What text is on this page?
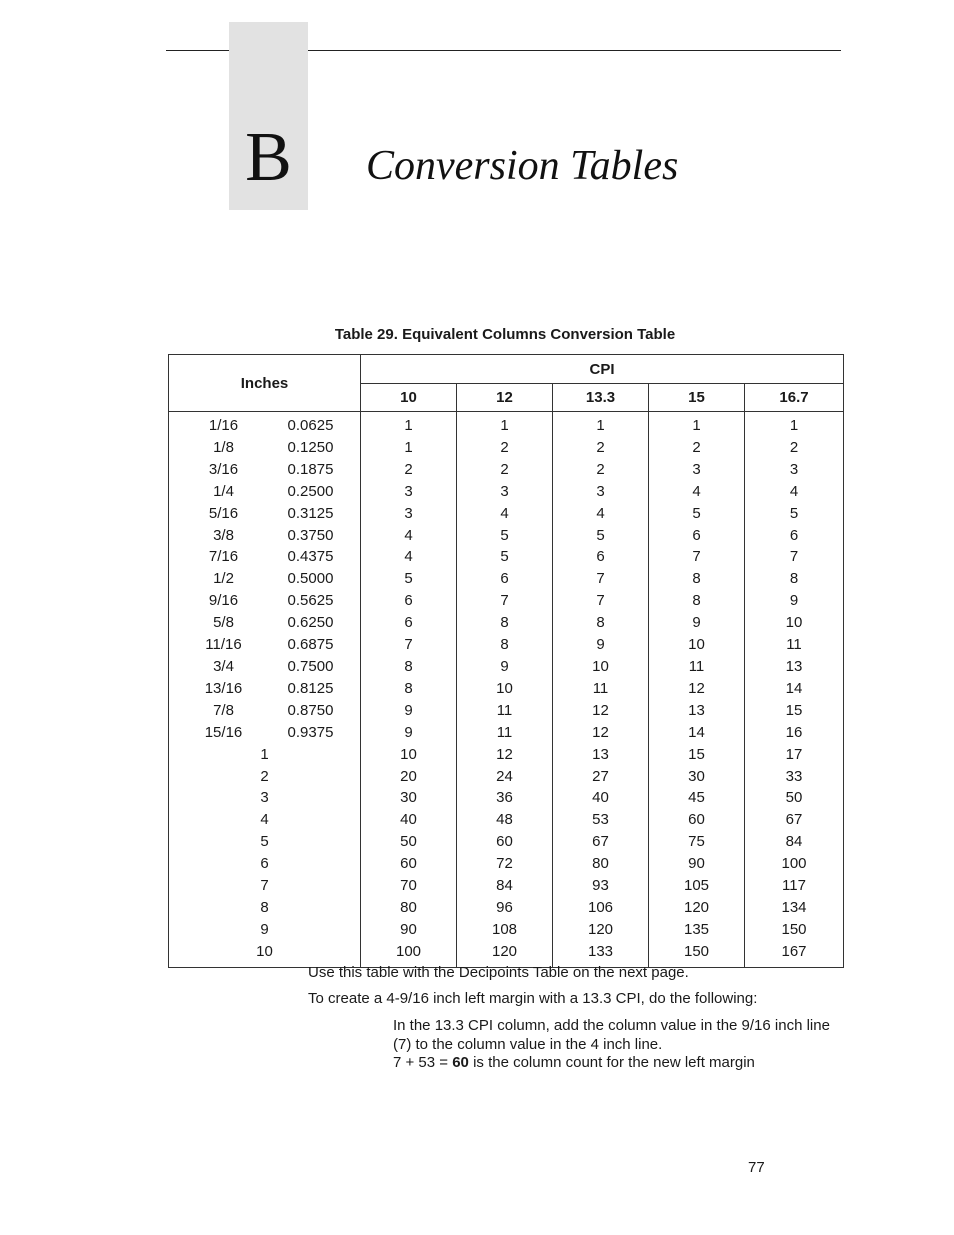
B	Conversion Tables
Table 29. Equivalent Columns Conversion Table
Inches	CPI				
	10	12	13.3	15	16.7
1/16 0.0625	1	1	1	1	1
1/8 0.1250	1	2	2	2	2
3/16 0.1875	2	2	2	3	3
1/4 0.2500	3	3	3	4	4
5/16 0.3125	3	4	4	5	5
3/8 0.3750	4	5	5	6	6
7/16 0.4375	4	5	6	7	7
1/2 0.5000	5	6	7	8	8
9/16 0.5625	6	7	7	8	9
5/8 0.6250	6	8	8	9	10
11/16 0.6875	7	8	9	10	11
3/4 0.7500	8	9	10	11	13
13/16 0.8125	8	10	11	12	14
7/8 0.8750	9	11	12	13	15
15/16 0.9375	9	11	12	14	16
1	10	12	13	15	17
2	20	24	27	30	33
3	30	36	40	45	50
4	40	48	53	60	67
5	50	60	67	75	84
6	60	72	80	90	100
7	70	84	93	105	117
8	80	96	106	120	134
9	90	108	120	135	150
10	100	120	133	150	167
Use this table with the Decipoints Table on the next page.
To create a 4-9/16 inch left margin with a 13.3 CPI, do the following:
In the 13.3 CPI column, add the column value in the 9/16 inch line
(7) to the column value in the 4 inch line.
7 + 53 = 60 is the column count for the new left margin
77
